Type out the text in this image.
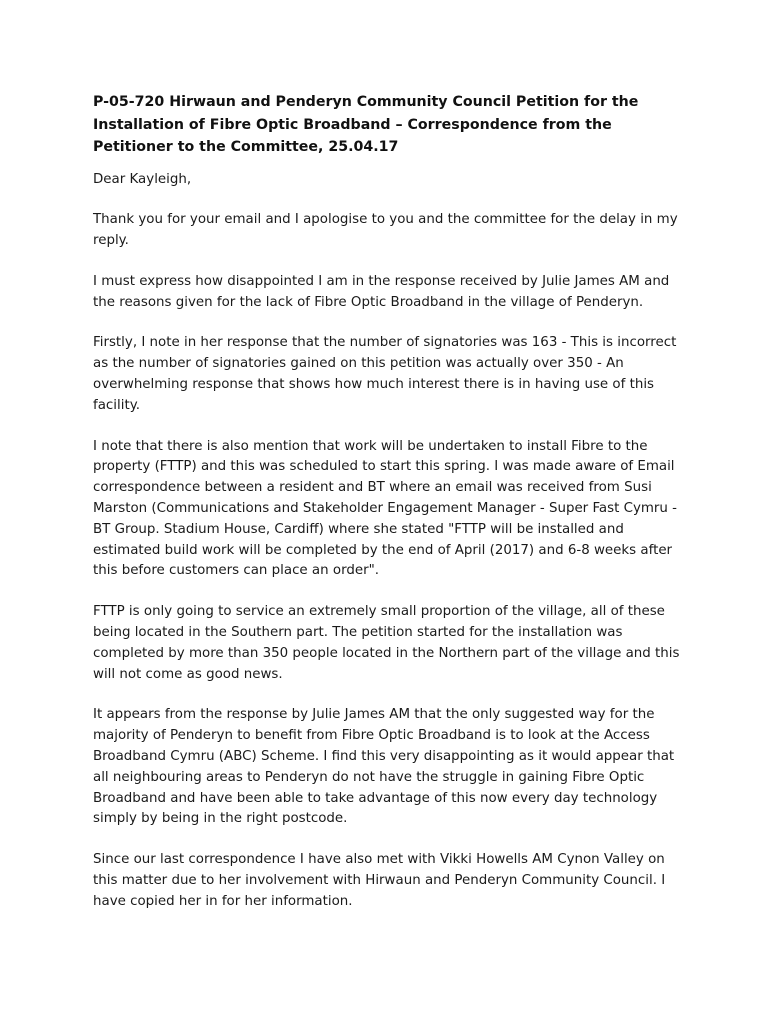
P-05-720 Hirwaun and Penderyn Community Council Petition for the Installation of Fibre Optic Broadband – Correspondence from the Petitioner to the Committee, 25.04.17
Dear Kayleigh,
Thank you for your email and I apologise to you and the committee for the delay in my reply.
I must express how disappointed I am in the response received by Julie James AM and the reasons given for the lack of Fibre Optic Broadband in the village of Penderyn.
Firstly, I note in her response that the number of signatories was 163 - This is incorrect as the number of signatories gained on this petition was actually over 350 - An overwhelming response that shows how much interest there is in having use of this facility.
I note that there is also mention that work will be undertaken to install Fibre to the property (FTTP) and this was scheduled to start this spring. I was made aware of Email correspondence between a resident and BT where an email was received from Susi Marston (Communications and Stakeholder Engagement Manager - Super Fast Cymru - BT Group. Stadium House, Cardiff) where she stated "FTTP will be installed and estimated build work will be completed by the end of April (2017) and 6-8 weeks after this before customers can place an order".
FTTP is only going to service an extremely small proportion of the village, all of these being located in the Southern part. The petition started for the installation was completed by more than 350 people located in the Northern part of the village and this will not come as good news.
It appears from the response by Julie James AM that the only suggested way for the majority of Penderyn to benefit from Fibre Optic Broadband is to look at the Access Broadband Cymru (ABC) Scheme. I find this very disappointing as it would appear that all neighbouring areas to Penderyn do not have the struggle in gaining Fibre Optic Broadband and have been able to take advantage of this now every day technology simply by being in the right postcode.
Since our last correspondence I have also met with Vikki Howells AM Cynon Valley on this matter due to her involvement with Hirwaun and Penderyn Community Council. I have copied her in for her information.
